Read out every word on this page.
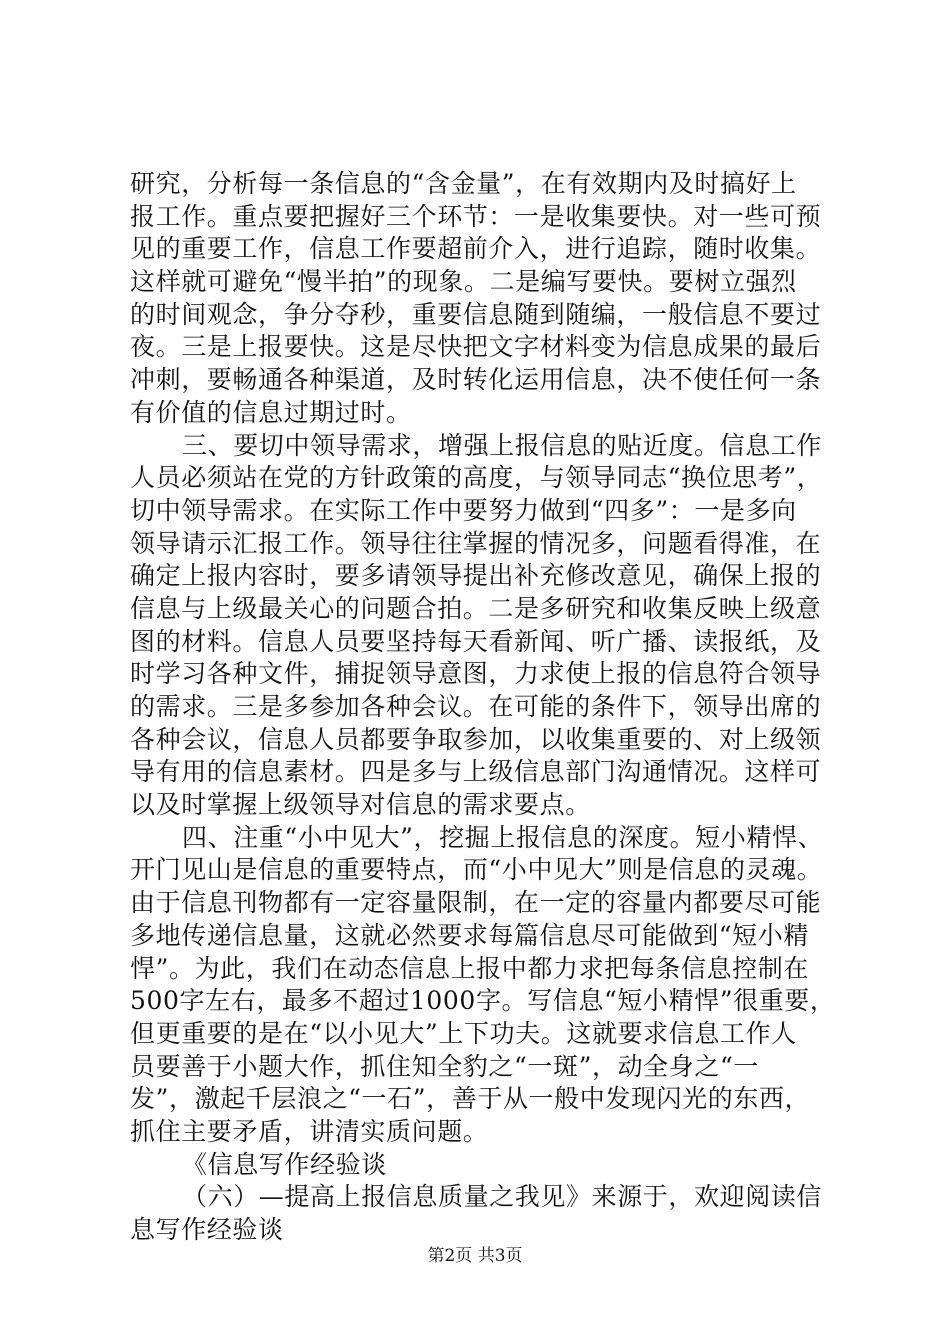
研究，分析每一条信息的“含金量”，在有效期内及时搞好上
报工作。重点要把握好三个环节：一是收集要快。对一些可预
见的重要工作，信息工作要超前介入，进行追踪，随时收集。
这样就可避免“慢半拍”的现象。二是编写要快。要树立强烈
的时间观念，争分夺秒，重要信息随到随编，一般信息不要过
夜。三是上报要快。这是尽快把文字材料变为信息成果的最后
冲刺，要畅通各种渠道，及时转化运用信息，决不使任何一条
有价值的信息过期过时。
三、要切中领导需求，增强上报信息的贴近度。信息工作
人员必须站在党的方针政策的高度，与领导同志“换位思考”，
切中领导需求。在实际工作中要努力做到“四多”：一是多向
领导请示汇报工作。领导往往掌握的情况多，问题看得准，在
确定上报内容时，要多请领导提出补充修改意见，确保上报的
信息与上级最关心的问题合拍。二是多研究和收集反映上级意
图的材料。信息人员要坚持每天看新闻、听广播、读报纸，及
时学习各种文件，捕捉领导意图，力求使上报的信息符合领导
的需求。三是多参加各种会议。在可能的条件下，领导出席的
各种会议，信息人员都要争取参加，以收集重要的、对上级领
导有用的信息素材。四是多与上级信息部门沟通情况。这样可
以及时掌握上级领导对信息的需求要点。
四、注重“小中见大”，挖掘上报信息的深度。短小精悍、
开门见山是信息的重要特点，而“小中见大”则是信息的灵魂。
由于信息刊物都有一定容量限制，在一定的容量内都要尽可能
多地传递信息量，这就必然要求每篇信息尽可能做到“短小精
悍”。为此，我们在动态信息上报中都力求把每条信息控制在
500字左右，最多不超过1000字。写信息“短小精悍”很重要，
但更重要的是在“以小见大”上下功夫。这就要求信息工作人
员要善于小题大作，抓住知全豹之“一斑”，动全身之“一
发”，激起千层浪之“一石”，善于从一般中发现闪光的东西，
抓住主要矛盾，讲清实质问题。
《信息写作经验谈
（六）—提高上报信息质量之我见》来源于，欢迎阅读信
息写作经验谈
第2页 共3页
